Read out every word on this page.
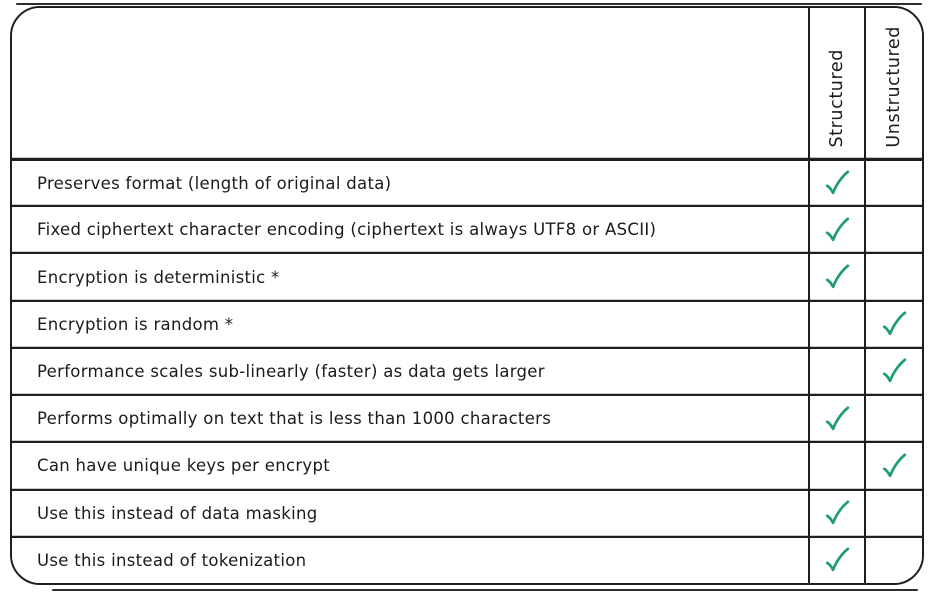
Structured Unstructured
Preserves format (length of original data)
Fixed ciphertext character encoding (ciphertext is always UTF8 or ASCII)
Encryption is deterministic *
Encryption is random *
Performance scales sub-linearly (faster) as data gets larger
Performs optimally on text that is less than 1000 characters
Can have unique keys per encrypt
Use this instead of data masking
Use this instead of tokenization
